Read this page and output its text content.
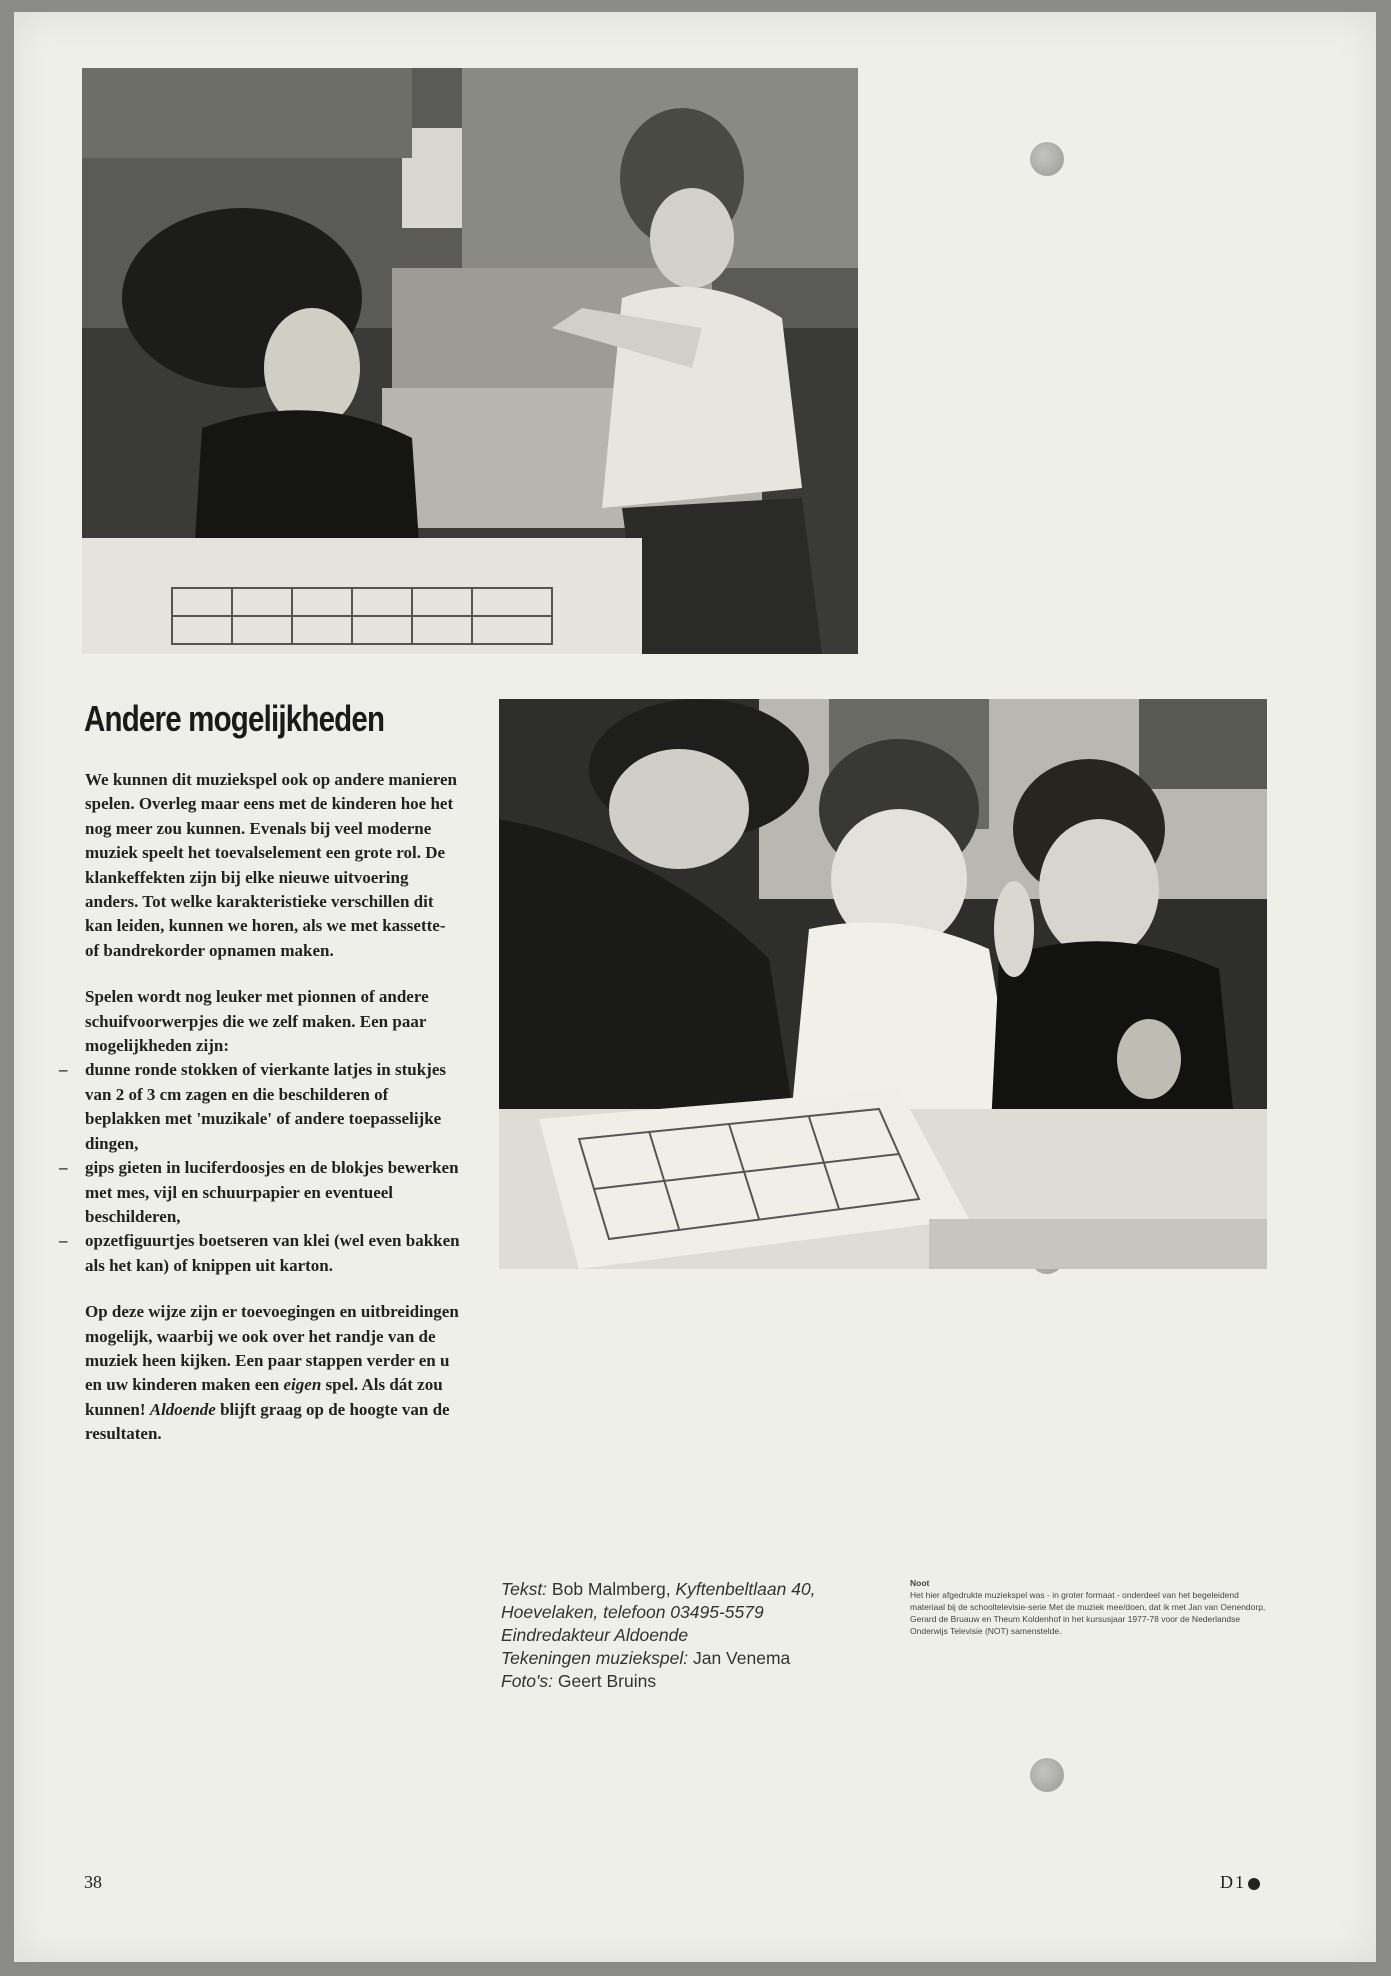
Andere mogelijkheden

We kunnen dit muziekspel ook op andere manieren spelen. Overleg maar eens met de kinderen hoe het nog meer zou kunnen. Evenals bij veel moderne muziek speelt het toevalselement een grote rol. De klankeffekten zijn bij elke nieuwe uitvoering anders. Tot welke karakteristieke verschillen dit kan leiden, kunnen we horen, als we met kassette- of bandrekorder opnamen maken.

Spelen wordt nog leuker met pionnen of andere schuifvoorwerpjes die we zelf maken. Een paar mogelijkheden zijn:
– dunne ronde stokken of vierkante latjes in stukjes van 2 of 3 cm zagen en die beschilderen of beplakken met 'muzikale' of andere toepasselijke dingen,
– gips gieten in luciferdoosjes en de blokjes bewerken met mes, vijl en schuurpapier en eventueel beschilderen,
– opzetfiguurtjes boetseren van klei (wel even bakken als het kan) of knippen uit karton.

Op deze wijze zijn er toevoegingen en uitbreidingen mogelijk, waarbij we ook over het randje van de muziek heen kijken. Een paar stappen verder en u en uw kinderen maken een eigen spel. Als dát zou kunnen! Aldoende blijft graag op de hoogte van de resultaten.

Tekst: Bob Malmberg, Kyftenbeltlaan 40, Hoevelaken, telefoon 03495-5579
Eindredakteur Aldoende
Tekeningen muziekspel: Jan Venema
Foto's: Geert Bruins
Noot
Het hier afgedrukte muziekspel was - in groter formaat - onderdeel van het begeleidend materiaal bij de schooltelevisie-serie Met de muziek mee/doen, dat ik met Jan van Oenendorp, Gerard de Bruauw en Theum Koldenhof in het kursusjaar 1977-78 voor de Nederlandse Onderwijs Televisie (NOT) samenstelde.
38	D1
